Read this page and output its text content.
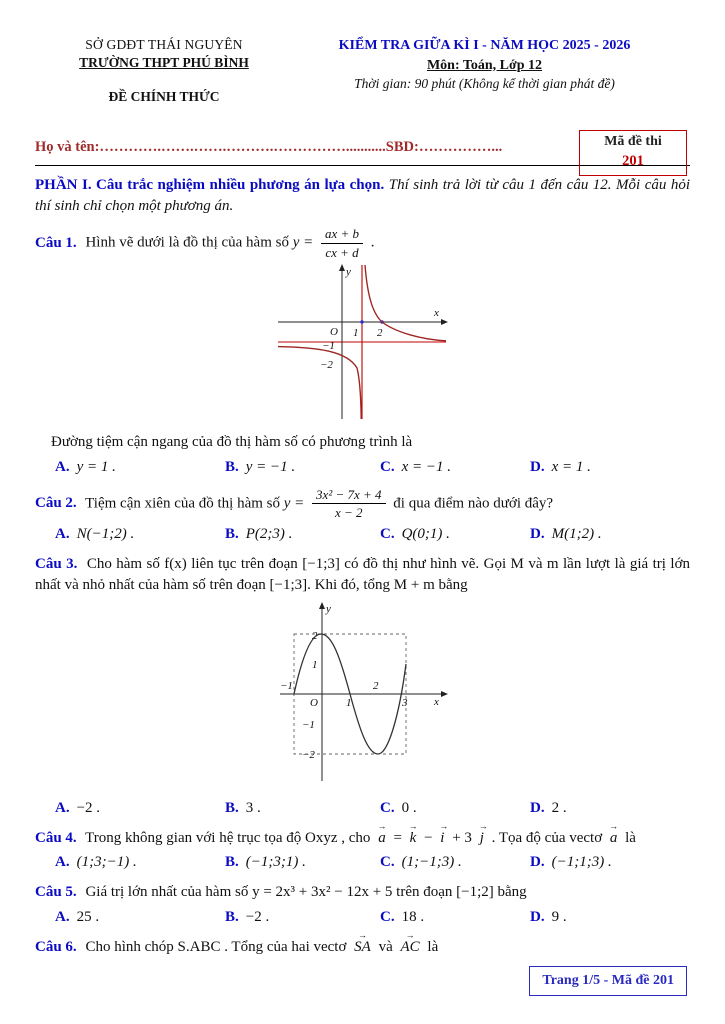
SỞ GDĐT THÁI NGUYÊN
TRƯỜNG THPT PHÚ BÌNH
ĐỀ CHÍNH THỨC
KIỂM TRA GIỮA KÌ I - NĂM HỌC 2025 - 2026
Môn: Toán, Lớp 12
Thời gian: 90 phút (Không kể thời gian phát đề)
Mã đề thi
201
Họ và tên:………….…….…….……….……………...........SBD:……………...

PHẦN I. Câu trắc nghiệm nhiều phương án lựa chọn. Thí sinh trả lời từ câu 1 đến câu 12. Mỗi câu hỏi thí sinh chỉ chọn một phương án.

Câu 1. Hình vẽ dưới là đồ thị của hàm số $y = \frac{ax + b}{cx + d}$ .

x
y
O 1 2
−1
−2

Đường tiệm cận ngang của đồ thị hàm số có phương trình là

A. y = 1 .	B. y = −1 .	C. x = −1 .	D. x = 1 .

Câu 2. Tiệm cận xiên của đồ thị hàm số $y = \frac{\text{3x² − 7x + 4}}{x - 2}$ đi qua điểm nào dưới đây?

A. N(−1;2) .	B. P(2;3) .	C. Q(0;1) .	D. M(1;2) .

Câu 3. Cho hàm số f(x) liên tục trên đoạn [−1;3] có đồ thị như hình vẽ. Gọi M và m lần lượt là giá trị lớn nhất và nhỏ nhất của hàm số trên đoạn [−1;3]. Khi đó, tổng M + m bằng

x
y
O
−1
1
2
3
2
1
−1
−2
A. −2 .	B. 3 .	C. 0 .	D. 2 .

Câu 4. Trong không gian với hệ trục tọa độ Oxyz , cho a → = k → − i → + 3 j → . Tọa độ của vectơ a → là

A. (1;3;−1) .	B. (−1;3;1) .	C. (1;−1;3) .	D. (−1;1;3) .

Câu 5. Giá trị lớn nhất của hàm số y = 2x³ + 3x² − 12x + 5 trên đoạn [−1;2] bằng

A. 25 .	B. −2 .	C. 18 .	D. 9 .

Câu 6. Cho hình chóp S.ABC . Tổng của hai vectơ SA → và AC → là

Trang 1/5 - Mã đề 201
